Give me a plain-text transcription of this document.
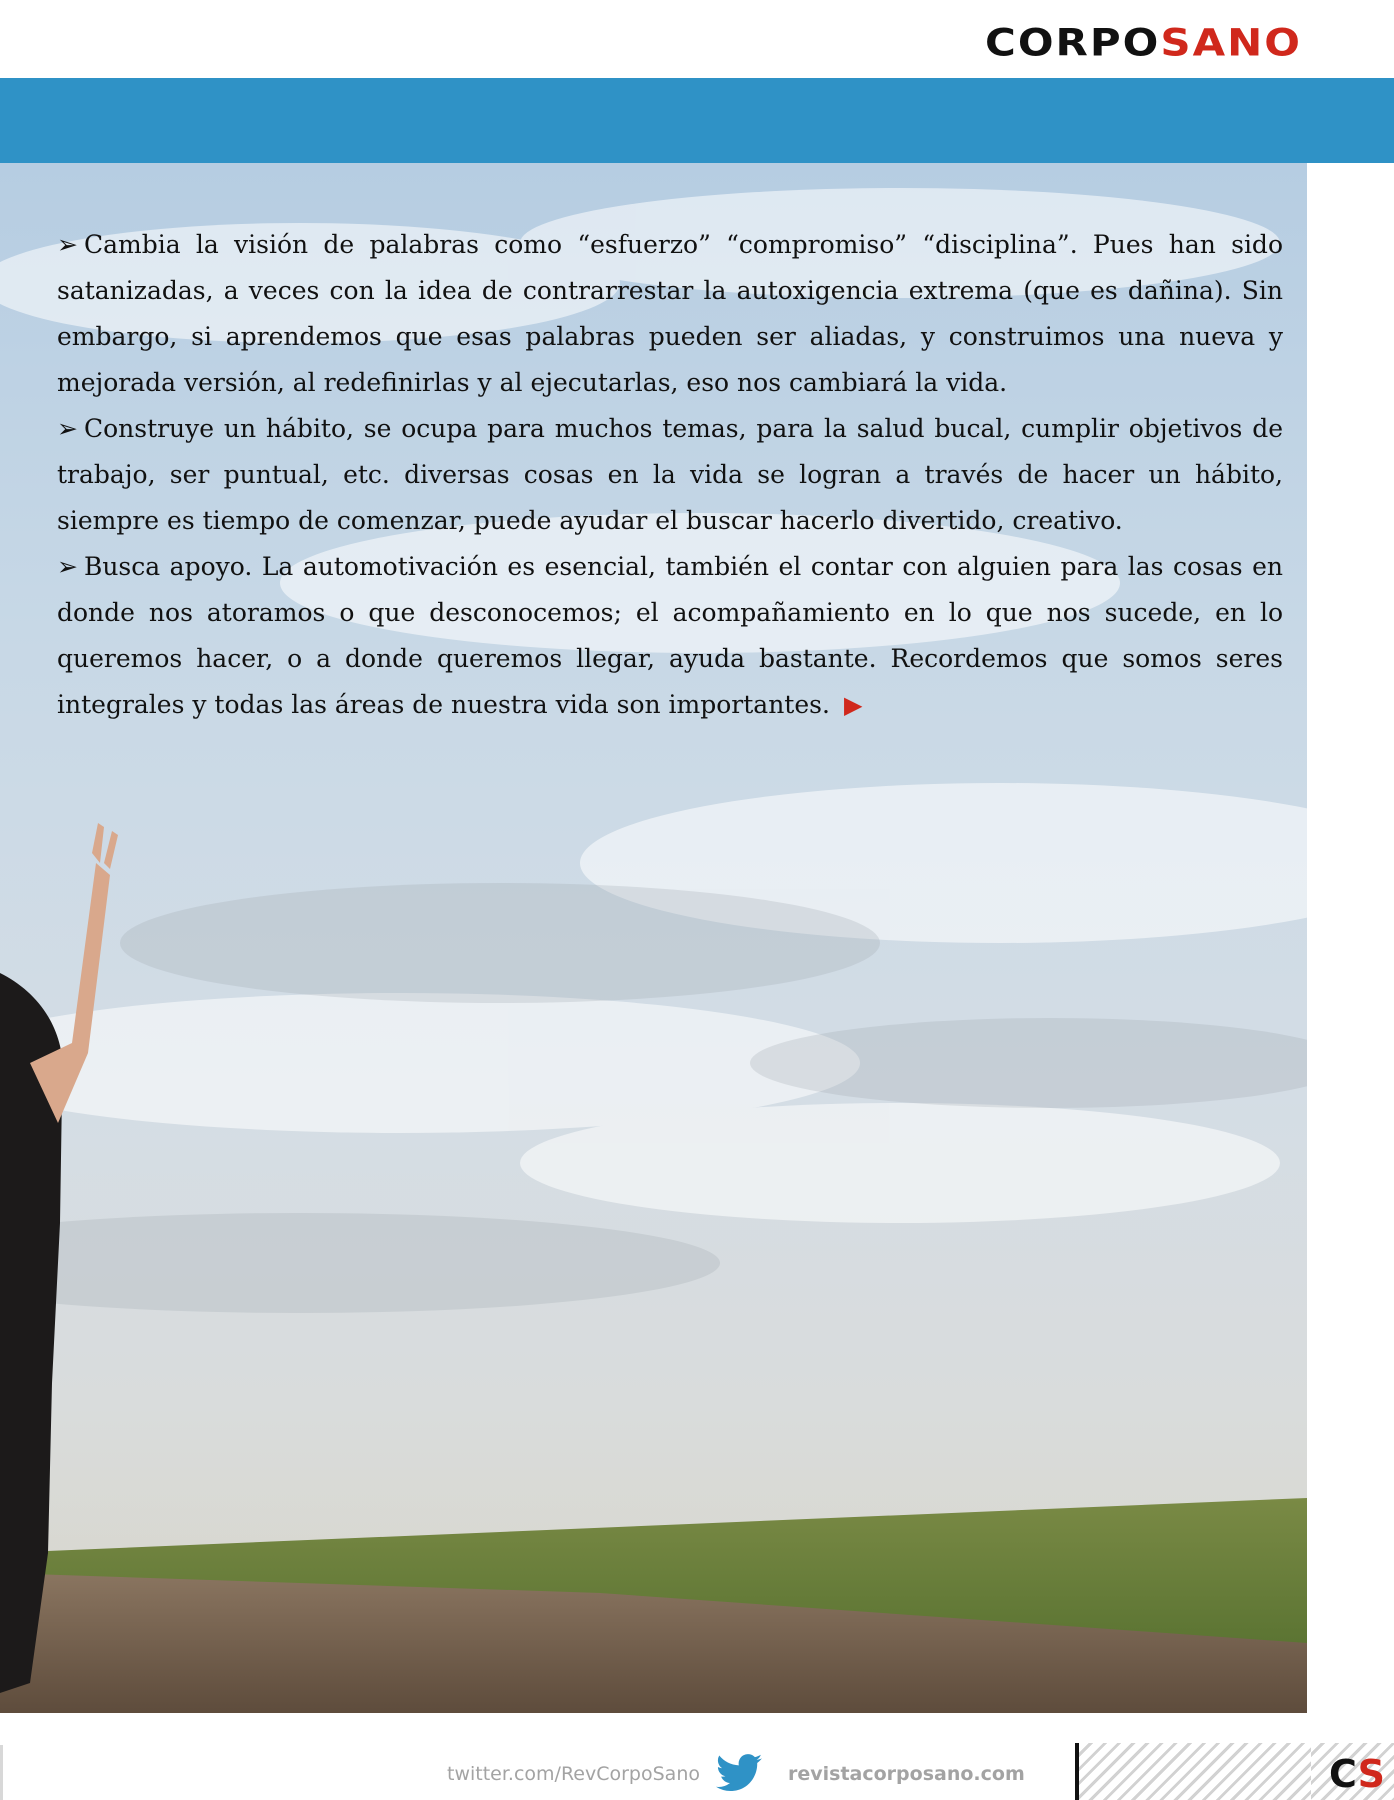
CORPOSANO

➢ Cambia la visión de palabras como “esfuerzo” “compromiso” “disciplina”. Pues han sido satanizadas, a veces con la idea de contrarrestar la autoxigencia extrema (que es dañina). Sin embargo, si aprendemos que esas palabras pueden ser aliadas, y construimos una nueva y mejorada versión, al redefinirlas y al ejecutarlas, eso nos cambiará la vida.

➢ Construye un hábito, se ocupa para muchos temas, para la salud bucal, cumplir objetivos de trabajo, ser puntual, etc. diversas cosas en la vida se logran a través de hacer un hábito, siempre es tiempo de comenzar, puede ayudar el buscar hacerlo divertido, creativo.

➢ Busca apoyo. La automotivación es esencial, también el contar con alguien para las cosas en donde nos atoramos o que desconocemos; el acompañamiento en lo que nos sucede, en lo queremos hacer, o a donde queremos llegar, ayuda bastante. Recordemos que somos seres integrales y todas las áreas de nuestra vida son importantes. ▶

twitter.com/RevCorpoSano	revistacorposano.com	CS
